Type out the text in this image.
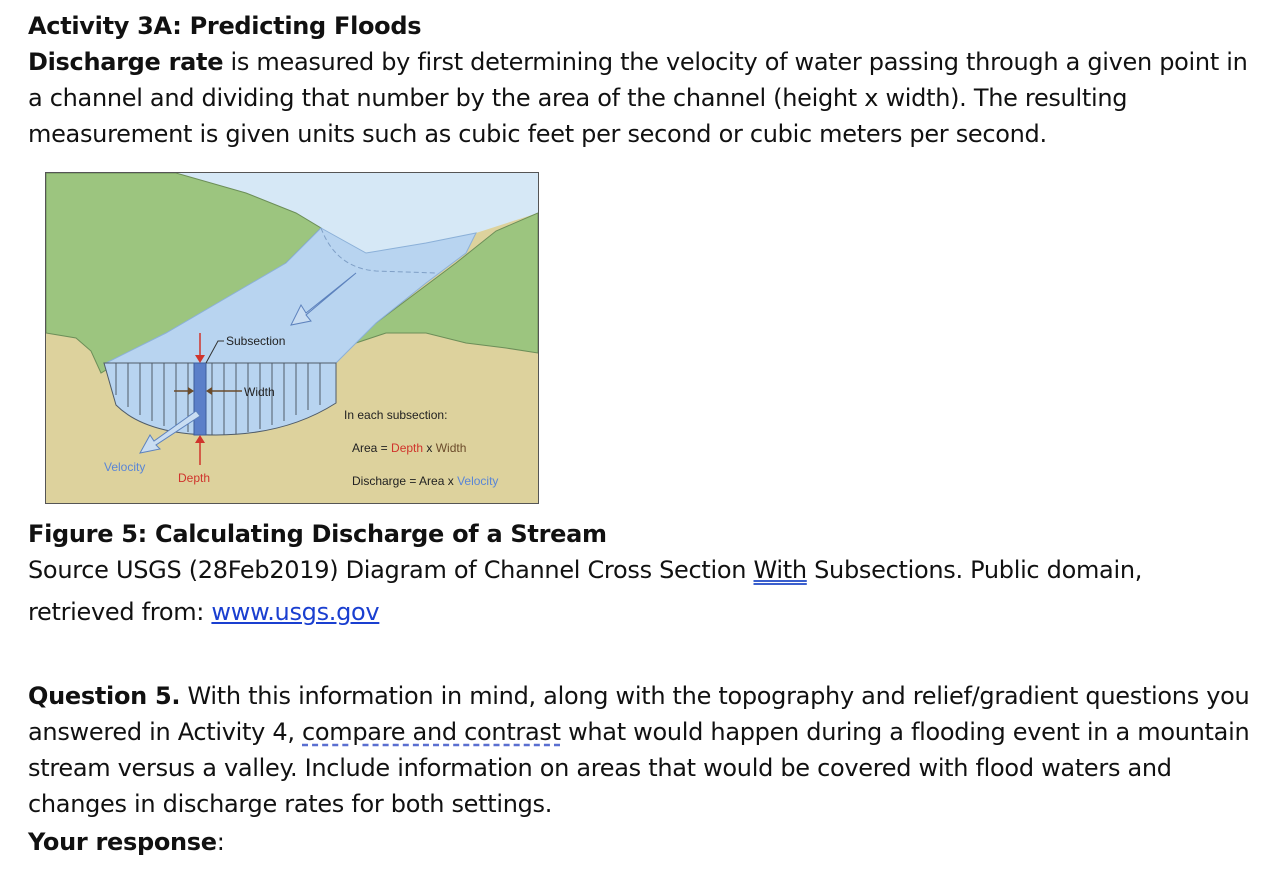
Activity 3A: Predicting Floods

Discharge rate is measured by first determining the velocity of water passing through a given point in a channel and dividing that number by the area of the channel (height x width). The resulting measurement is given units such as cubic feet per second or cubic meters per second.

Subsection
Width
Velocity
Depth
In each subsection:
Area = Depth x Width
Discharge = Area x Velocity
Figure 5: Calculating Discharge of a Stream
Source USGS (28Feb2019) Diagram of Channel Cross Section With Subsections. Public domain,
retrieved from: www.usgs.gov
Question 5. With this information in mind, along with the topography and relief/gradient questions you answered in Activity 4, compare and contrast what would happen during a flooding event in a mountain stream versus a valley. Include information on areas that would be covered with flood waters and changes in discharge rates for both settings.
Your response:
